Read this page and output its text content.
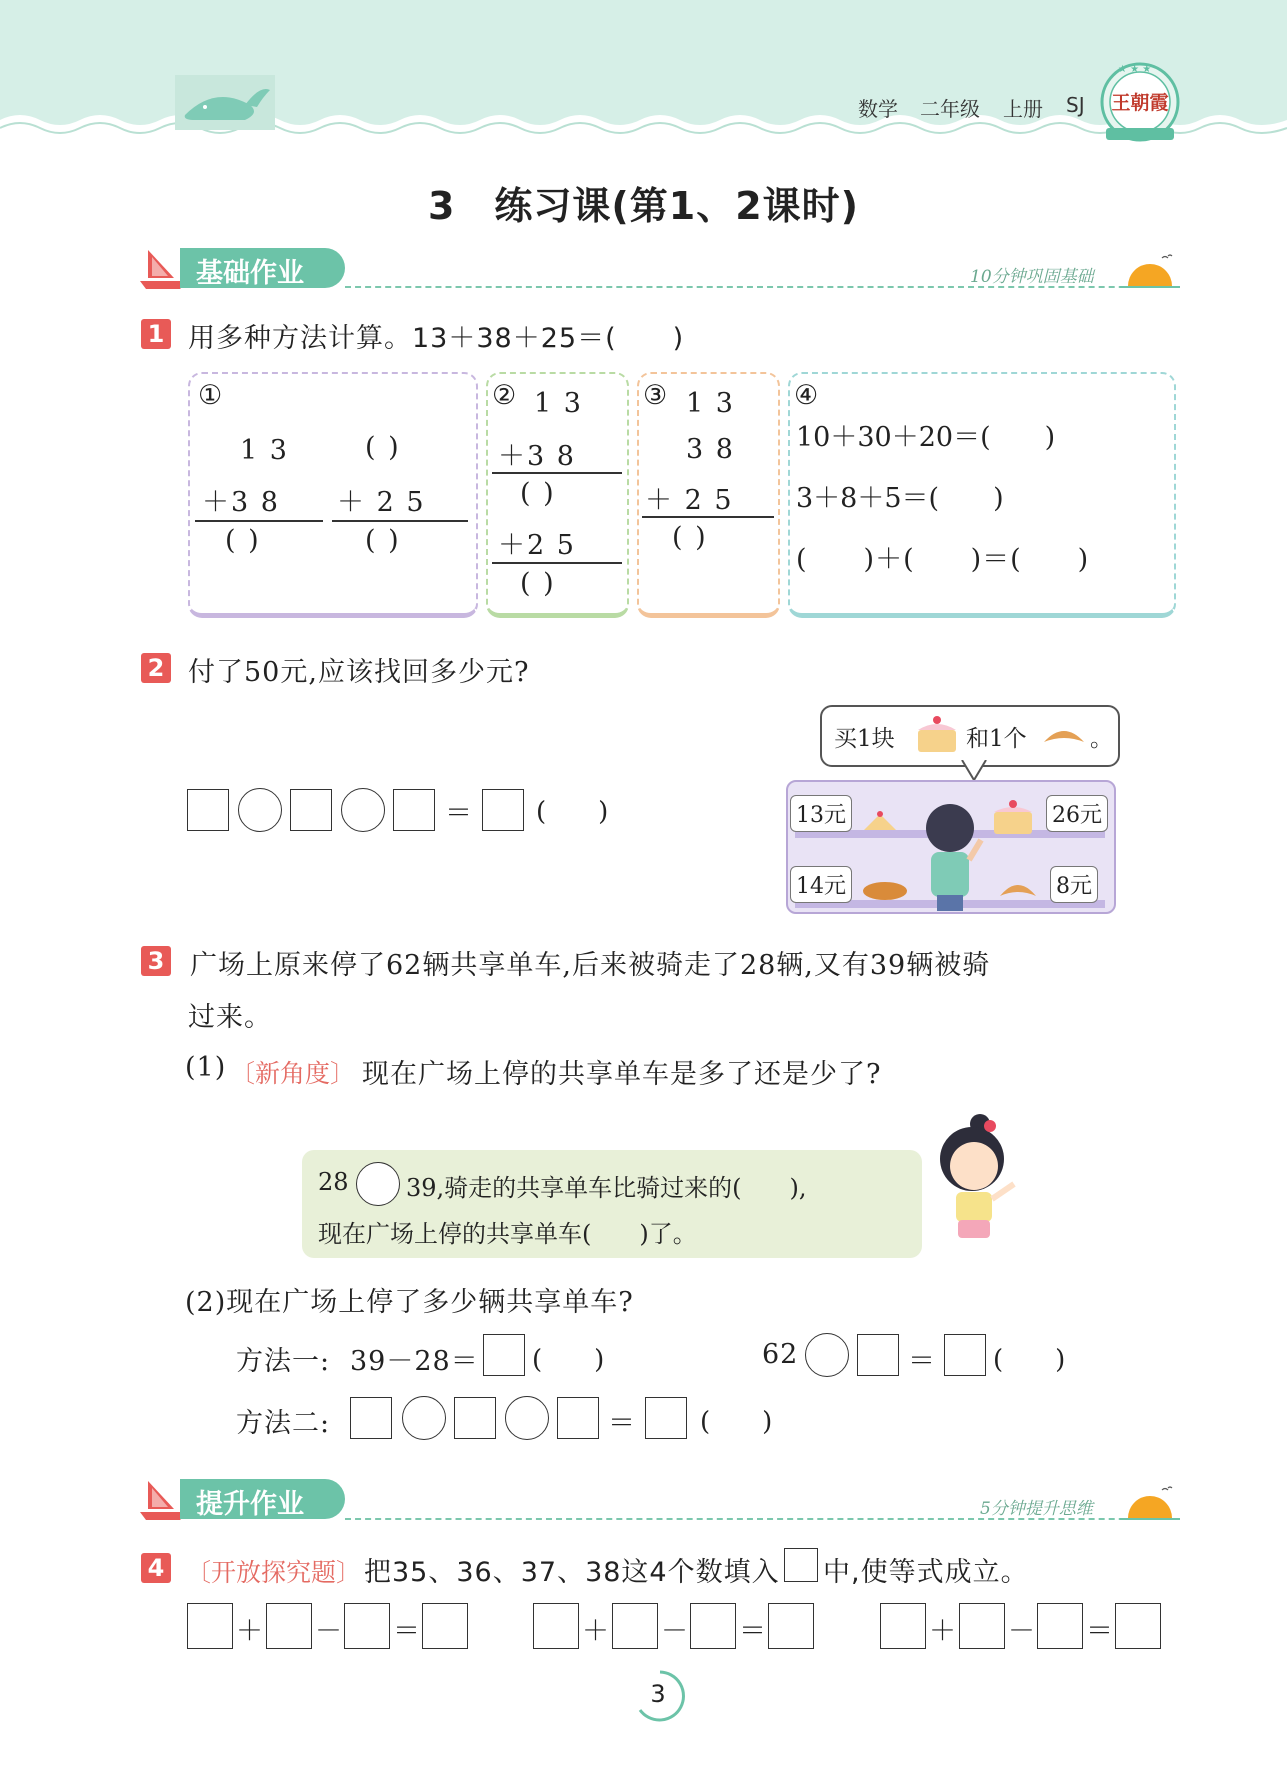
数学 二年级 上册 SJ
★ ★ ★
王朝霞
3　练习课(第1、2课时)
基础作业	10分钟巩固基础
1 用多种方法计算。13＋38＋25＝(　　)
①
1 3
＋3 8
( )
( )
＋ 2 5
( )
② 1 3
＋3 8
( )
＋2 5
( )
③ 1 3
3 8
＋ 2 5
( )
④
10＋30＋20＝(　　)
3＋8＋5＝(　　)
(　　)＋(　　)＝(　　)
2 付了50元,应该找回多少元?
＝ (　　)
买1块	和1个	。
13元	26元
14元	8元
3 广场上原来停了62辆共享单车,后来被骑走了28辆,又有39辆被骑
过来。
(1) 〔新角度〕 现在广场上停的共享单车是多了还是少了?
28 39,骑走的共享单车比骑过来的(　　),
现在广场上停的共享单车(　　)了。
(2)现在广场上停了多少辆共享单车?
方法一: 39－28＝ (　　)	62	＝ (　　)
方法二:	＝ (　　)
提升作业	5分钟提升思维
4 〔开放探究题〕 把35、36、37、38这4个数填入 中,使等式成立。
＋ － ＝	＋ － ＝	＋ － ＝
3
